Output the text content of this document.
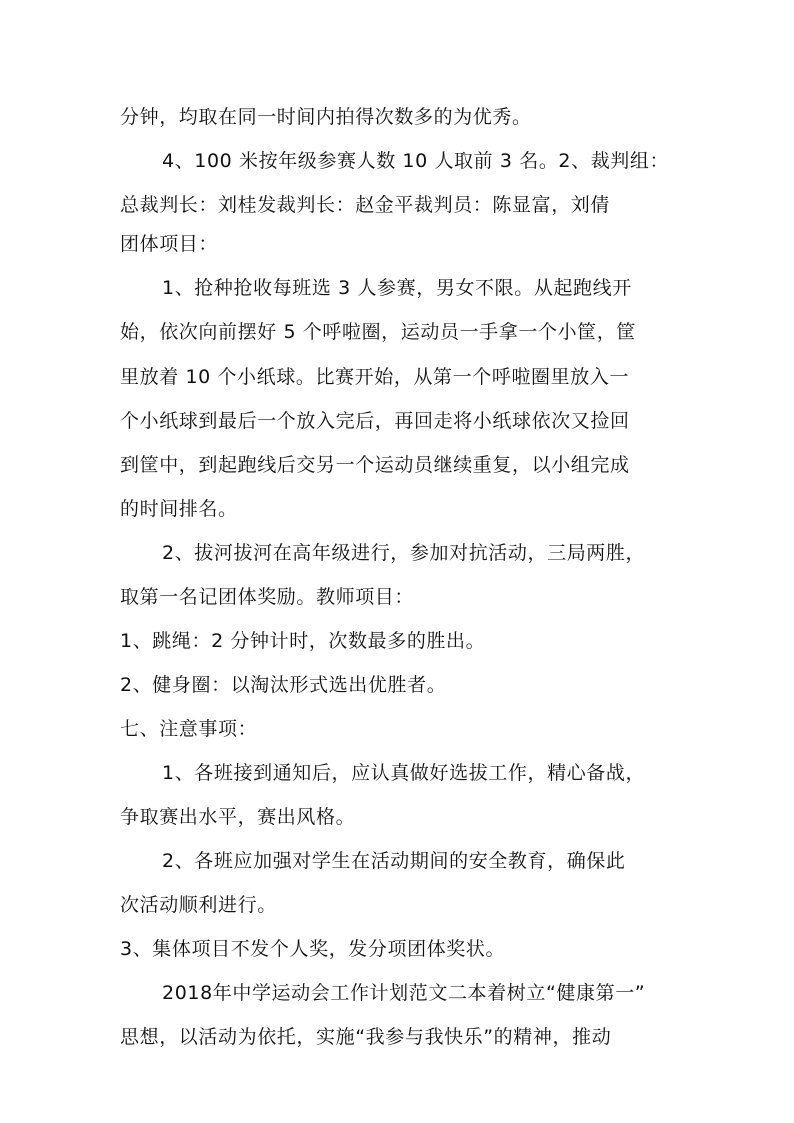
分钟，均取在同一时间内拍得次数多的为优秀。
4、100 米按年级参赛人数 10 人取前 3 名。2、裁判组：
总裁判长：刘桂发裁判长：赵金平裁判员：陈显富，刘倩
团体项目：
1、抢种抢收每班选 3 人参赛，男女不限。从起跑线开
始，依次向前摆好 5 个呼啦圈，运动员一手拿一个小筐，筐
里放着 10 个小纸球。比赛开始，从第一个呼啦圈里放入一
个小纸球到最后一个放入完后，再回走将小纸球依次又捡回
到筐中，到起跑线后交另一个运动员继续重复，以小组完成
的时间排名。
2、拔河拔河在高年级进行，参加对抗活动，三局两胜，
取第一名记团体奖励。教师项目：
1、跳绳：2 分钟计时，次数最多的胜出。
2、健身圈：以淘汰形式选出优胜者。
七、注意事项：
1、各班接到通知后，应认真做好选拔工作，精心备战，
争取赛出水平，赛出风格。
2、各班应加强对学生在活动期间的安全教育，确保此
次活动顺利进行。
3、集体项目不发个人奖，发分项团体奖状。
2018年中学运动会工作计划范文二本着树立“健康第一”
思想，以活动为依托，实施“我参与我快乐”的精神，推动
